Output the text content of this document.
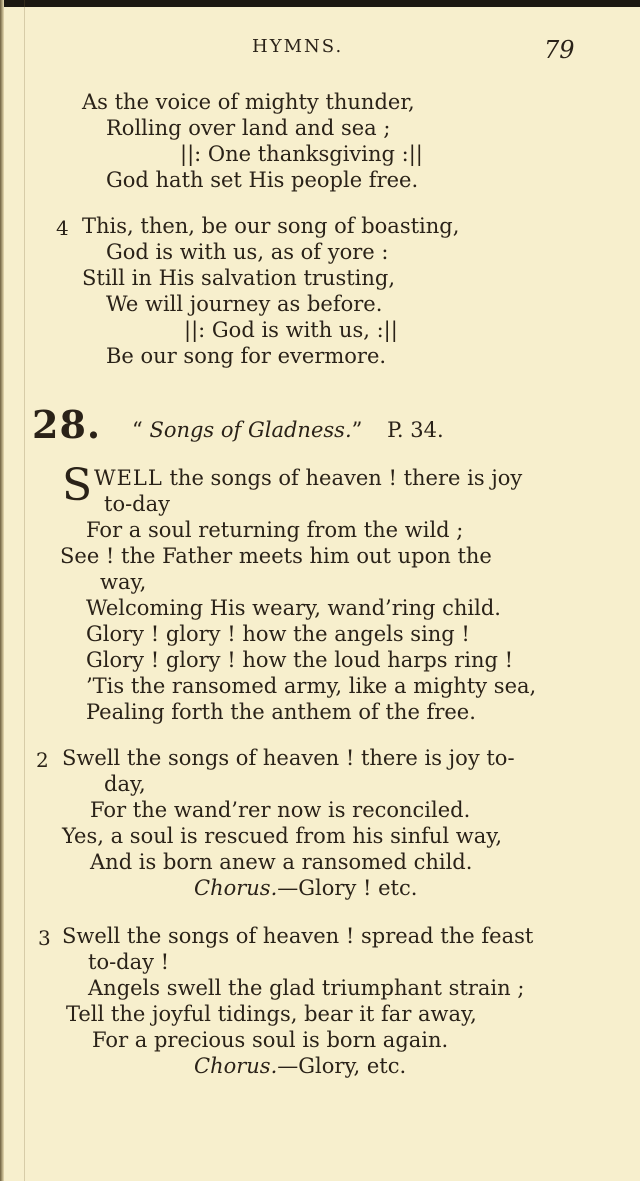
HYMNS.	79
As the voice of mighty thunder,
Rolling over land and sea ;
||: One thanksgiving :||
God hath set His people free.
4 This, then, be our song of boasting,
God is with us, as of yore :
Still in His salvation trusting,
We will journey as before.
||: God is with us, :||
Be our song for evermore.
28. “ Songs of Gladness.” P. 34.
S WELL the songs of heaven ! there is joy
to-day
For a soul returning from the wild ;
See ! the Father meets him out upon the
way,
Welcoming His weary, wand’ring child.
Glory ! glory ! how the angels sing !
Glory ! glory ! how the loud harps ring !
’Tis the ransomed army, like a mighty sea,
Pealing forth the anthem of the free.
2 Swell the songs of heaven ! there is joy to-
day,
For the wand’rer now is reconciled.
Yes, a soul is rescued from his sinful way,
And is born anew a ransomed child.
Chorus.—Glory ! etc.
3 Swell the songs of heaven ! spread the feast
to-day !
Angels swell the glad triumphant strain ;
Tell the joyful tidings, bear it far away,
For a precious soul is born again.
Chorus.—Glory, etc.
